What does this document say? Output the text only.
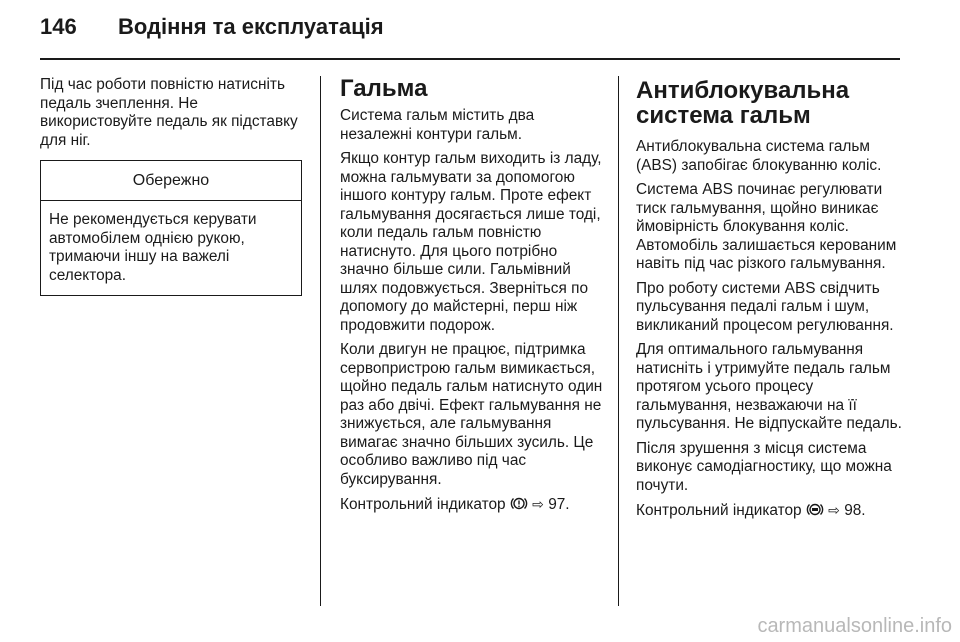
146	Водіння та експлуатація

Під час роботи повністю натисніть педаль зчеплення. Не використовуйте педаль як підставку для ніг.

Обережно
Не рекомендується керувати автомобілем однією рукою, тримаючи іншу на важелі селектора.
Гальма

Система гальм містить два незалежні контури гальм.

Якщо контур гальм виходить із ладу, можна гальмувати за допомогою іншого контуру гальм. Проте ефект гальмування досягається лише тоді, коли педаль гальм повністю натиснуто. Для цього потрібно значно більше сили. Гальмівний шлях подовжується. Зверніться по допомогу до майстерні, перш ніж продовжити подорож.

Коли двигун не працює, підтримка сервопристрою гальм вимикається, щойно педаль гальм натиснуто один раз або двічі. Ефект гальмування не знижується, але гальмування вимагає значно більших зусиль. Це особливо важливо під час буксирування.

Контрольний індикатор ⇨ 97.

Антиблокувальна система гальм

Антиблокувальна система гальм (ABS) запобігає блокуванню коліс.

Система ABS починає регулювати тиск гальмування, щойно виникає ймовірність блокування коліс. Автомобіль залишається керованим навіть під час різкого гальмування.

Про роботу системи ABS свідчить пульсування педалі гальм і шум, викликаний процесом регулювання.

Для оптимального гальмування натисніть і утримуйте педаль гальм протягом усього процесу гальмування, незважаючи на її пульсування. Не відпускайте педаль.

Після зрушення з місця система виконує самодіагностику, що можна почути.

Контрольний індикатор ⇨ 98.

carmanualsonline.info
